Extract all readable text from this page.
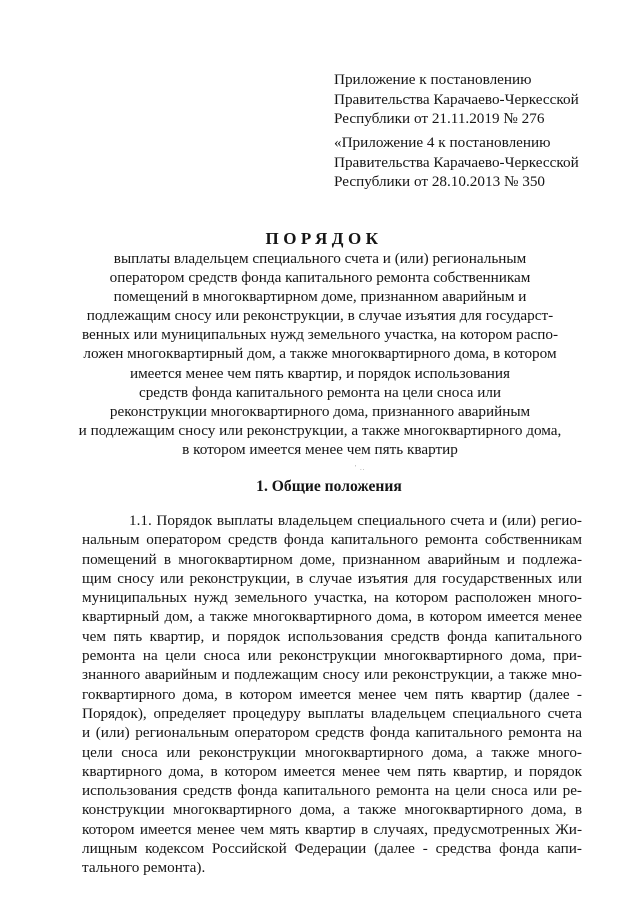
Приложение к постановлению
Правительства Карачаево-Черкесской
Республики от 21.11.2019 № 276
«Приложение 4 к постановлению
Правительства Карачаево-Черкесской
Республики от 28.10.2013 № 350
ПОРЯДОК
выплаты владельцем специального счета и (или) региональным
оператором средств фонда капитального ремонта собственникам
помещений в многоквартирном доме, признанном аварийным и
подлежащим сносу или реконструкции, в случае изъятия для государст-
венных или муниципальных нужд земельного участка, на котором распо-
ложен многоквартирный дом, а также многоквартирного дома, в котором
имеется менее чем пять квартир, и порядок использования
средств фонда капитального ремонта на цели сноса или
реконструкции многоквартирного дома, признанного аварийным
и подлежащим сносу или реконструкции, а также многоквартирного дома,
в котором имеется менее чем пять квартир
' ..
1. Общие положения
1.1. Порядок выплаты владельцем специального счета и (или) регио-
нальным оператором средств фонда капитального ремонта собственникам
помещений в многоквартирном доме, признанном аварийным и подлежа-
щим сносу или реконструкции, в случае изъятия для государственных или
муниципальных нужд земельного участка, на котором расположен много-
квартирный дом, а также многоквартирного дома, в котором имеется менее
чем пять квартир, и порядок использования средств фонда капитального
ремонта на цели сноса или реконструкции многоквартирного дома, при-
знанного аварийным и подлежащим сносу или реконструкции, а также мно-
гоквартирного дома, в котором имеется менее чем пять квартир (далее -
Порядок), определяет процедуру выплаты владельцем специального счета
и (или) региональным оператором средств фонда капитального ремонта на
цели сноса или реконструкции многоквартирного дома, а также много-
квартирного дома, в котором имеется менее чем пять квартир, и порядок
использования средств фонда капитального ремонта на цели сноса или ре-
конструкции многоквартирного дома, а также многоквартирного дома, в
котором имеется менее чем мять квартир в случаях, предусмотренных Жи-
лищным кодексом Российской Федерации (далее - средства фонда капи-
тального ремонта).
